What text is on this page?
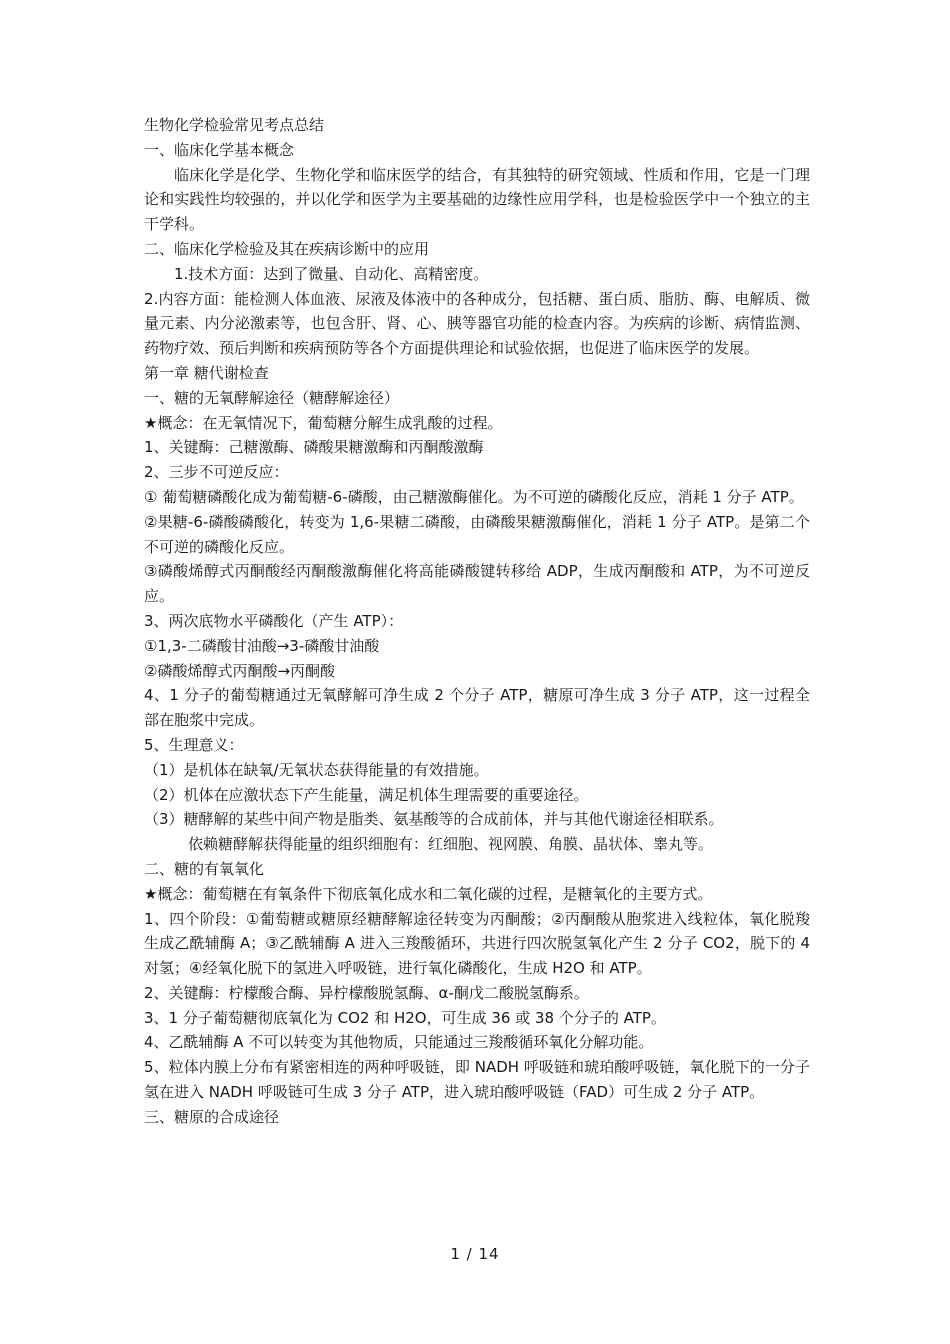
生物化学检验常见考点总结

一、临床化学基本概念

临床化学是化学、生物化学和临床医学的结合，有其独特的研究领域、性质和作用，它是一门理论和实践性均较强的，并以化学和医学为主要基础的边缘性应用学科，也是检验医学中一个独立的主干学科。

二、临床化学检验及其在疾病诊断中的应用

1.技术方面：达到了微量、自动化、高精密度。

2.内容方面：能检测人体血液、尿液及体液中的各种成分，包括糖、蛋白质、脂肪、酶、电解质、微量元素、内分泌激素等，也包含肝、肾、心、胰等器官功能的检查内容。为疾病的诊断、病情监测、药物疗效、预后判断和疾病预防等各个方面提供理论和试验依据，也促进了临床医学的发展。

第一章 糖代谢检查

一、糖的无氧酵解途径（糖酵解途径）

★概念：在无氧情况下，葡萄糖分解生成乳酸的过程。

1、关键酶：己糖激酶、磷酸果糖激酶和丙酮酸激酶

2、三步不可逆反应：

① 葡萄糖磷酸化成为葡萄糖-6-磷酸，由己糖激酶催化。为不可逆的磷酸化反应，消耗 1 分子 ATP。

②果糖-6-磷酸磷酸化，转变为 1,6-果糖二磷酸，由磷酸果糖激酶催化，消耗 1 分子 ATP。是第二个不可逆的磷酸化反应。

③磷酸烯醇式丙酮酸经丙酮酸激酶催化将高能磷酸键转移给 ADP，生成丙酮酸和 ATP，为不可逆反应。

3、两次底物水平磷酸化（产生 ATP）：

①1,3-二磷酸甘油酸→3-磷酸甘油酸

②磷酸烯醇式丙酮酸→丙酮酸

4、1 分子的葡萄糖通过无氧酵解可净生成 2 个分子 ATP，糖原可净生成 3 分子 ATP，这一过程全部在胞浆中完成。

5、生理意义：

（1）是机体在缺氧/无氧状态获得能量的有效措施。

（2）机体在应激状态下产生能量，满足机体生理需要的重要途径。

（3）糖酵解的某些中间产物是脂类、氨基酸等的合成前体，并与其他代谢途径相联系。

依赖糖酵解获得能量的组织细胞有：红细胞、视网膜、角膜、晶状体、睾丸等。

二、糖的有氧氧化

★概念：葡萄糖在有氧条件下彻底氧化成水和二氧化碳的过程，是糖氧化的主要方式。

1、四个阶段：①葡萄糖或糖原经糖酵解途径转变为丙酮酸；②丙酮酸从胞浆进入线粒体，氧化脱羧生成乙酰辅酶 A；③乙酰辅酶 A 进入三羧酸循环，共进行四次脱氢氧化产生 2 分子 CO2，脱下的 4 对氢；④经氧化脱下的氢进入呼吸链，进行氧化磷酸化，生成 H2O 和 ATP。

2、关键酶：柠檬酸合酶、异柠檬酸脱氢酶、α-酮戊二酸脱氢酶系。

3、1 分子葡萄糖彻底氧化为 CO2 和 H2O，可生成 36 或 38 个分子的 ATP。

4、乙酰辅酶 A 不可以转变为其他物质，只能通过三羧酸循环氧化分解功能。

5、粒体内膜上分布有紧密相连的两种呼吸链，即 NADH 呼吸链和琥珀酸呼吸链，氧化脱下的一分子氢在进入 NADH 呼吸链可生成 3 分子 ATP，进入琥珀酸呼吸链（FAD）可生成 2 分子 ATP。

三、糖原的合成途径

1 / 14
